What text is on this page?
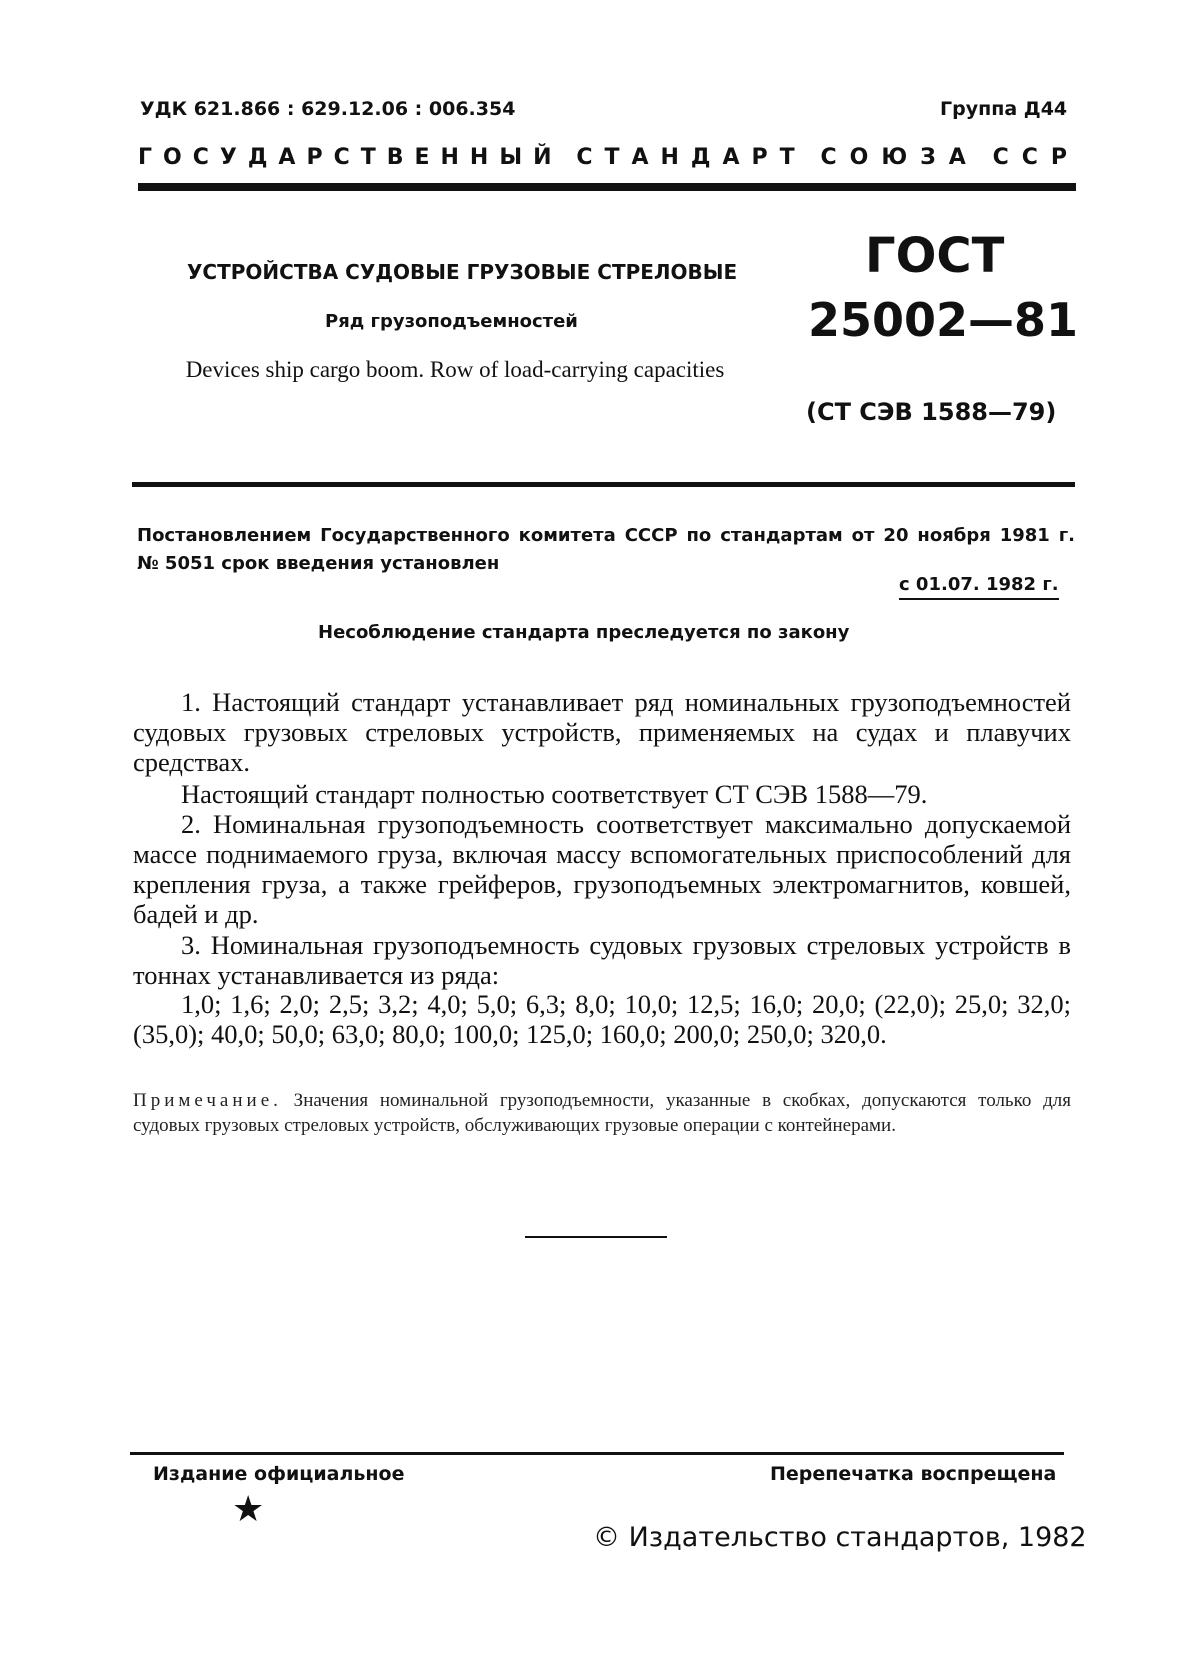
УДК 621.866 : 629.12.06 : 006.354	Группа Д44
ГОСУДАРСТВЕННЫЙ СТАНДАРТ СОЮЗА ССР
УСТРОЙСТВА СУДОВЫЕ ГРУЗОВЫЕ СТРЕЛОВЫЕ
Ряд грузоподъемностей
Devices ship cargo boom. Row of load-carrying capacities
ГОСТ
25002—81
(СТ СЭВ 1588—79)
Постановлением Государственного комитета СССР по стандартам от 20 ноября 1981 г. № 5051 срок введения установлен
с 01.07. 1982 г.
Несоблюдение стандарта преследуется по закону
1. Настоящий стандарт устанавливает ряд номинальных грузоподъемностей судовых грузовых стреловых устройств, применяемых на судах и плавучих средствах.
Настоящий стандарт полностью соответствует СТ СЭВ 1588—79.
2. Номинальная грузоподъемность соответствует максимально допускаемой массе поднимаемого груза, включая массу вспомогательных приспособлений для крепления груза, а также грейферов, грузоподъемных электромагнитов, ковшей, бадей и др.
3. Номинальная грузоподъемность судовых грузовых стреловых устройств в тоннах устанавливается из ряда:
1,0; 1,6; 2,0; 2,5; 3,2; 4,0; 5,0; 6,3; 8,0; 10,0; 12,5; 16,0; 20,0; (22,0); 25,0; 32,0; (35,0); 40,0; 50,0; 63,0; 80,0; 100,0; 125,0; 160,0; 200,0; 250,0; 320,0.
Примечание. Значения номинальной грузоподъемности, указанные в скобках, допускаются только для судовых грузовых стреловых устройств, обслуживающих грузовые операции с контейнерами.
Издание официальное	Перепечатка воспрещена
★
© Издательство стандартов, 1982
